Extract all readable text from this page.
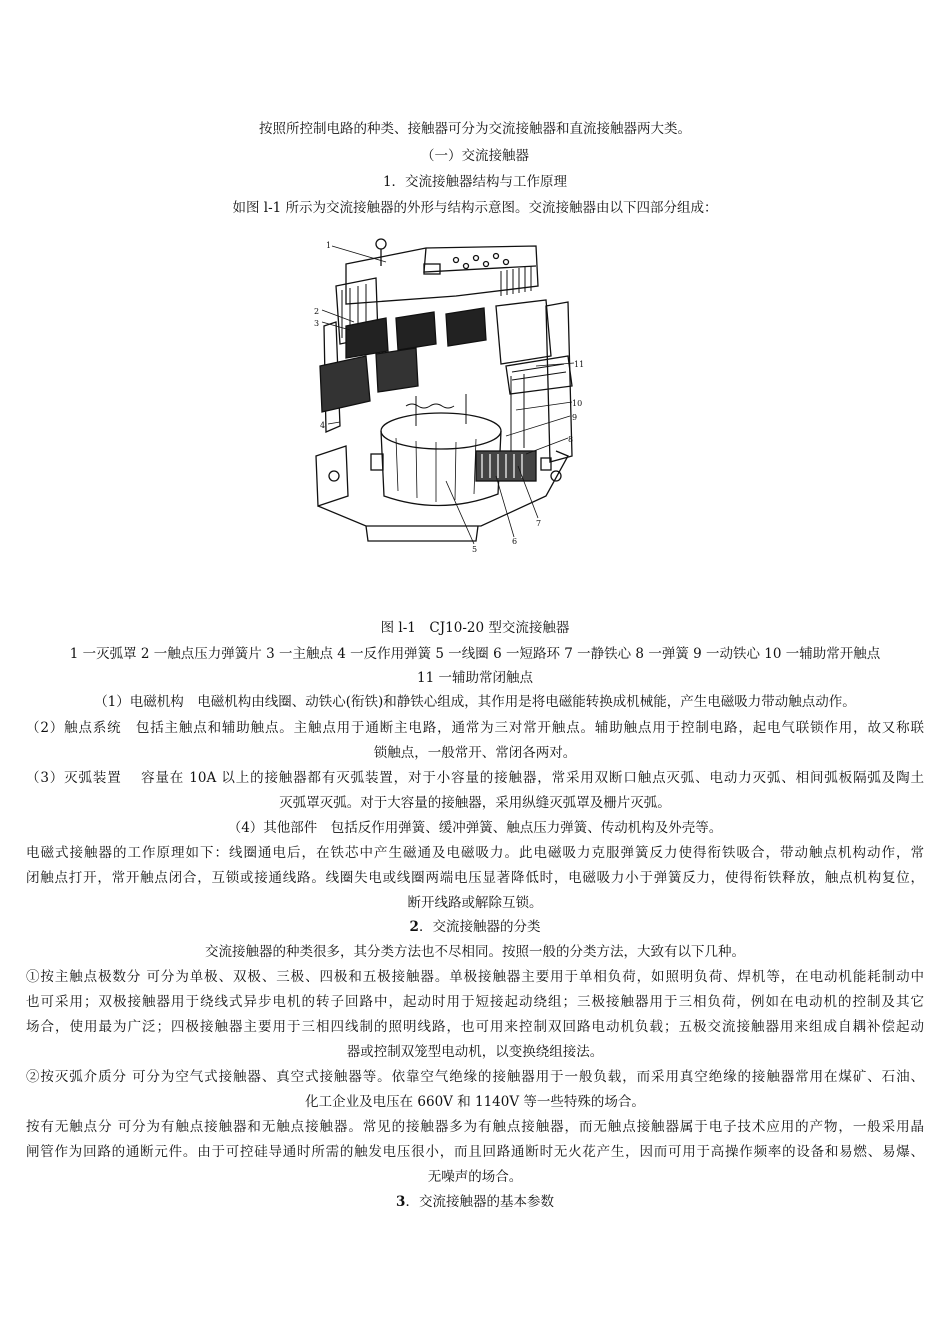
按照所控制电路的种类、接触器可分为交流接触器和直流接触器两大类。
（一）交流接触器
1．交流接触器结构与工作原理
如图 l-1 所示为交流接触器的外形与结构示意图。交流接触器由以下四部分组成：
1
2
3
4
5
6
7
8
9
10
11
图 l-1　CJ10-20 型交流接触器
1 一灭弧罩 2 一触点压力弹簧片 3 一主触点 4 一反作用弹簧 5 一线圈 6 一短路环 7 一静铁心 8 一弹簧 9 一动铁心 10 一辅助常开触点
11 一辅助常闭触点
（1）电磁机构　电磁机构由线圈、动铁心(衔铁)和静铁心组成，其作用是将电磁能转换成机械能，产生电磁吸力带动触点动作。
（2）触点系统　包括主触点和辅助触点。主触点用于通断主电路，通常为三对常开触点。辅助触点用于控制电路，起电气联锁作用，故又称联
锁触点，一般常开、常闭各两对。
（3）灭弧装置　 容量在 10A 以上的接触器都有灭弧装置，对于小容量的接触器，常采用双断口触点灭弧、电动力灭弧、相间弧板隔弧及陶土
灭弧罩灭弧。对于大容量的接触器，采用纵缝灭弧罩及栅片灭弧。
（4）其他部件　包括反作用弹簧、缓冲弹簧、触点压力弹簧、传动机构及外壳等。
电磁式接触器的工作原理如下：线圈通电后，在铁芯中产生磁通及电磁吸力。此电磁吸力克服弹簧反力使得衔铁吸合，带动触点机构动作，常
闭触点打开，常开触点闭合，互锁或接通线路。线圈失电或线圈两端电压显著降低时，电磁吸力小于弹簧反力，使得衔铁释放，触点机构复位，
断开线路或解除互锁。
2．交流接触器的分类
交流接触器的种类很多，其分类方法也不尽相同。按照一般的分类方法，大致有以下几种。
①按主触点极数分 可分为单极、双极、三极、四极和五极接触器。单极接触器主要用于单相负荷，如照明负荷、焊机等，在电动机能耗制动中
也可采用；双极接触器用于绕线式异步电机的转子回路中，起动时用于短接起动绕组；三极接触器用于三相负荷，例如在电动机的控制及其它
场合，使用最为广泛；四极接触器主要用于三相四线制的照明线路，也可用来控制双回路电动机负载；五极交流接触器用来组成自耦补偿起动
器或控制双笼型电动机，以变换绕组接法。
②按灭弧介质分 可分为空气式接触器、真空式接触器等。依靠空气绝缘的接触器用于一般负载，而采用真空绝缘的接触器常用在煤矿、石油、
化工企业及电压在 660V 和 1140V 等一些特殊的场合。
按有无触点分 可分为有触点接触器和无触点接触器。常见的接触器多为有触点接触器，而无触点接触器属于电子技术应用的产物，一般采用晶
闸管作为回路的通断元件。由于可控硅导通时所需的触发电压很小，而且回路通断时无火花产生，因而可用于高操作频率的设备和易燃、易爆、
无噪声的场合。
3．交流接触器的基本参数
